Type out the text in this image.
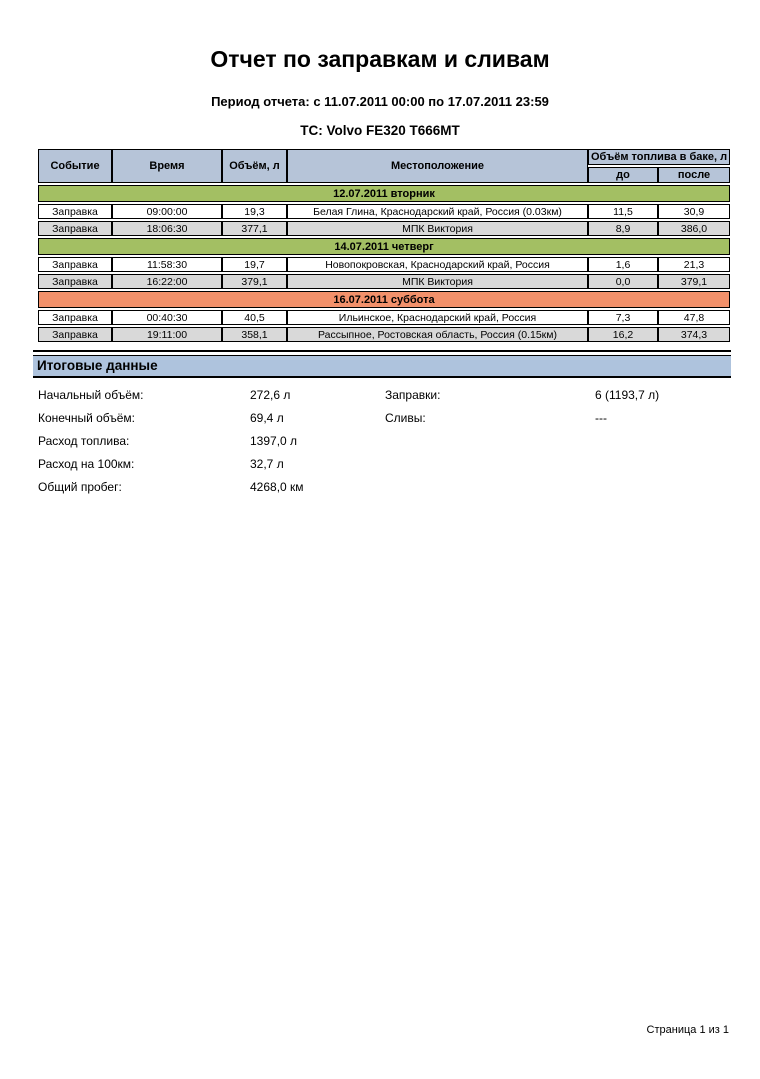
Отчет по заправкам и сливам
Период отчета: с 11.07.2011 00:00 по 17.07.2011 23:59
ТС: Volvo FE320 T666MT
Событие	Время	Объём, л	Местоположение	Объём топлива в баке, л	
				до	после
12.07.2011 вторник					
Заправка	09:00:00	19,3	Белая Глина, Краснодарский край, Россия (0.03км)	11,5	30,9
Заправка	18:06:30	377,1	МПК Виктория	8,9	386,0
14.07.2011 четверг					
Заправка	11:58:30	19,7	Новопокровская, Краснодарский край, Россия	1,6	21,3
Заправка	16:22:00	379,1	МПК Виктория	0,0	379,1
16.07.2011 суббота					
Заправка	00:40:30	40,5	Ильинское, Краснодарский край, Россия	7,3	47,8
Заправка	19:11:00	358,1	Рассыпное, Ростовская область, Россия (0.15км)	16,2	374,3
Итоговые данные
Начальный объём:	272,6 л	Заправки:	6 (1193,7 л)
Конечный объём:	69,4 л	Сливы:	---
Расход топлива:	1397,0 л
Расход на 100км:	32,7 л
Общий пробег:	4268,0 км
Страница 1 из 1
